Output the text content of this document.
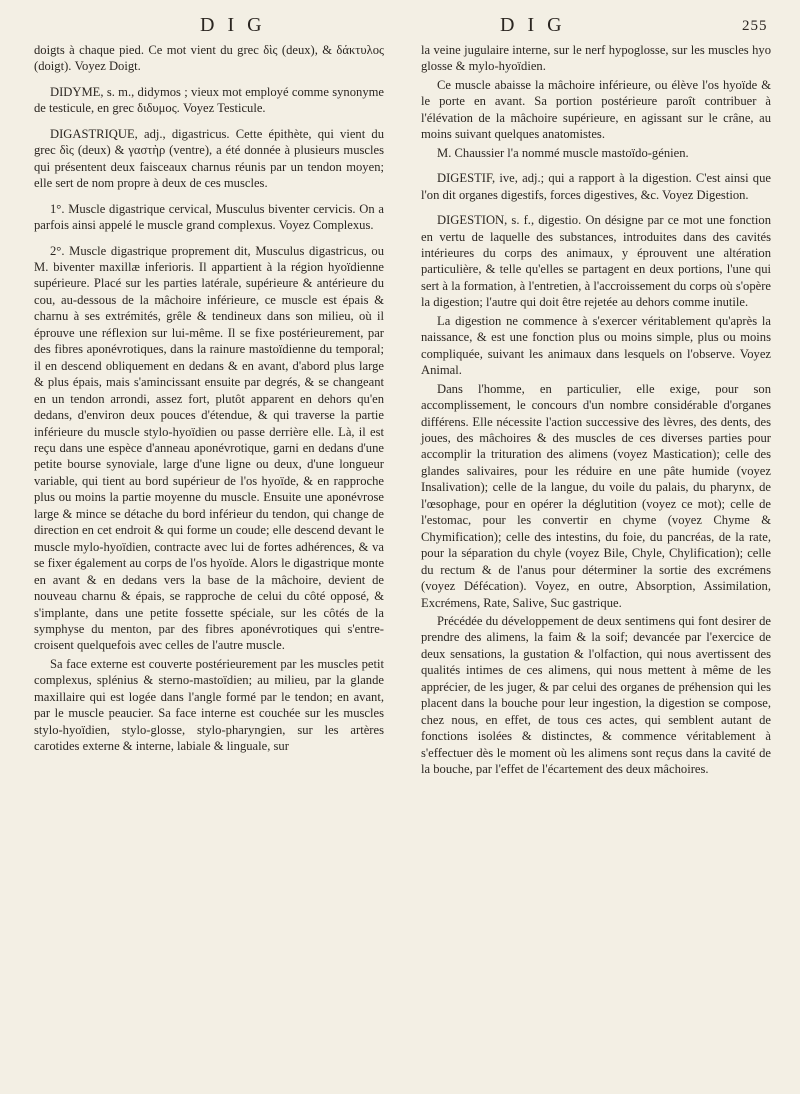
D I G	D I G	255

doigts à chaque pied. Ce mot vient du grec δὶς (deux), & δάκτυλος (doigt). Voyez Doigt.

DIDYME, s. m., didymos ; vieux mot employé comme synonyme de testicule, en grec διδυμος. Voyez Testicule.

DIGASTRIQUE, adj., digastricus. Cette épithète, qui vient du grec δὶς (deux) & γαστὴρ (ventre), a été donnée à plusieurs muscles qui présentent deux faisceaux charnus réunis par un tendon moyen; elle sert de nom propre à deux de ces muscles.

1°. Muscle digastrique cervical, Musculus biventer cervicis. On a parfois ainsi appelé le muscle grand complexus. Voyez Complexus.

2°. Muscle digastrique proprement dit, Musculus digastricus, ou M. biventer maxillæ inferioris. Il appartient à la région hyoïdienne supérieure. Placé sur les parties latérale, supérieure & antérieure du cou, au-dessous de la mâchoire inférieure, ce muscle est épais & charnu à ses extrémités, grêle & tendineux dans son milieu, où il éprouve une réflexion sur lui-même. Il se fixe postérieurement, par des fibres aponévrotiques, dans la rainure mastoïdienne du temporal; il en descend obliquement en dedans & en avant, d'abord plus large & plus épais, mais s'amincissant ensuite par degrés, & se changeant en un tendon arrondi, assez fort, plutôt apparent en dehors qu'en dedans, d'environ deux pouces d'étendue, & qui traverse la partie inférieure du muscle stylo-hyoïdien ou passe derrière elle. Là, il est reçu dans une espèce d'anneau aponévrotique, garni en dedans d'une petite bourse synoviale, large d'une ligne ou deux, d'une longueur variable, qui tient au bord supérieur de l'os hyoïde, & en rapproche plus ou moins la partie moyenne du muscle. Ensuite une aponévrose large & mince se détache du bord inférieur du tendon, qui change de direction en cet endroit & qui forme un coude; elle descend devant le muscle mylo-hyoïdien, contracte avec lui de fortes adhérences, & va se fixer également au corps de l'os hyoïde. Alors le digastrique monte en avant & en dedans vers la base de la mâchoire, devient de nouveau charnu & épais, se rapproche de celui du côté opposé, & s'implante, dans une petite fossette spéciale, sur les côtés de la symphyse du menton, par des fibres aponévrotiques qui s'entre-croisent quelquefois avec celles de l'autre muscle.

Sa face externe est couverte postérieurement par les muscles petit complexus, splénius & sterno-mastoïdien; au milieu, par la glande maxillaire qui est logée dans l'angle formé par le tendon; en avant, par le muscle peaucier. Sa face interne est couchée sur les muscles stylo-hyoïdien, stylo-glosse, stylo-pharyngien, sur les artères carotides externe & interne, labiale & linguale, sur

la veine jugulaire interne, sur le nerf hypoglosse, sur les muscles hyo glosse & mylo-hyoïdien.

Ce muscle abaisse la mâchoire inférieure, ou élève l'os hyoïde & le porte en avant. Sa portion postérieure paroît contribuer à l'élévation de la mâchoire supérieure, en agissant sur le crâne, au moins suivant quelques anatomistes.

M. Chaussier l'a nommé muscle mastoïdo-génien.

DIGESTIF, ive, adj.; qui a rapport à la digestion. C'est ainsi que l'on dit organes digestifs, forces digestives, &c. Voyez Digestion.

DIGESTION, s. f., digestio. On désigne par ce mot une fonction en vertu de laquelle des substances, introduites dans des cavités intérieures du corps des animaux, y éprouvent une altération particulière, & telle qu'elles se partagent en deux portions, l'une qui sert à la formation, à l'entretien, à l'accroissement du corps où s'opère la digestion; l'autre qui doit être rejetée au dehors comme inutile.

La digestion ne commence à s'exercer véritablement qu'après la naissance, & est une fonction plus ou moins simple, plus ou moins compliquée, suivant les animaux dans lesquels on l'observe. Voyez Animal.

Dans l'homme, en particulier, elle exige, pour son accomplissement, le concours d'un nombre considérable d'organes différens. Elle nécessite l'action successive des lèvres, des dents, des joues, des mâchoires & des muscles de ces diverses parties pour accomplir la trituration des alimens (voyez Mastication); celle des glandes salivaires, pour les réduire en une pâte humide (voyez Insalivation); celle de la langue, du voile du palais, du pharynx, de l'œsophage, pour en opérer la déglutition (voyez ce mot); celle de l'estomac, pour les convertir en chyme (voyez Chyme & Chymification); celle des intestins, du foie, du pancréas, de la rate, pour la séparation du chyle (voyez Bile, Chyle, Chylification); celle du rectum & de l'anus pour déterminer la sortie des excrémens (voyez Défécation). Voyez, en outre, Absorption, Assimilation, Excrémens, Rate, Salive, Suc gastrique.

Précédée du développement de deux sentimens qui font desirer de prendre des alimens, la faim & la soif; devancée par l'exercice de deux sensations, la gustation & l'olfaction, qui nous avertissent des qualités intimes de ces alimens, qui nous mettent à même de les apprécier, de les juger, & par celui des organes de préhension qui les placent dans la bouche pour leur ingestion, la digestion se compose, chez nous, en effet, de tous ces actes, qui semblent autant de fonctions isolées & distinctes, & commence véritablement à s'effectuer dès le moment où les alimens sont reçus dans la cavité de la bouche, par l'effet de l'écartement des deux mâchoires.
